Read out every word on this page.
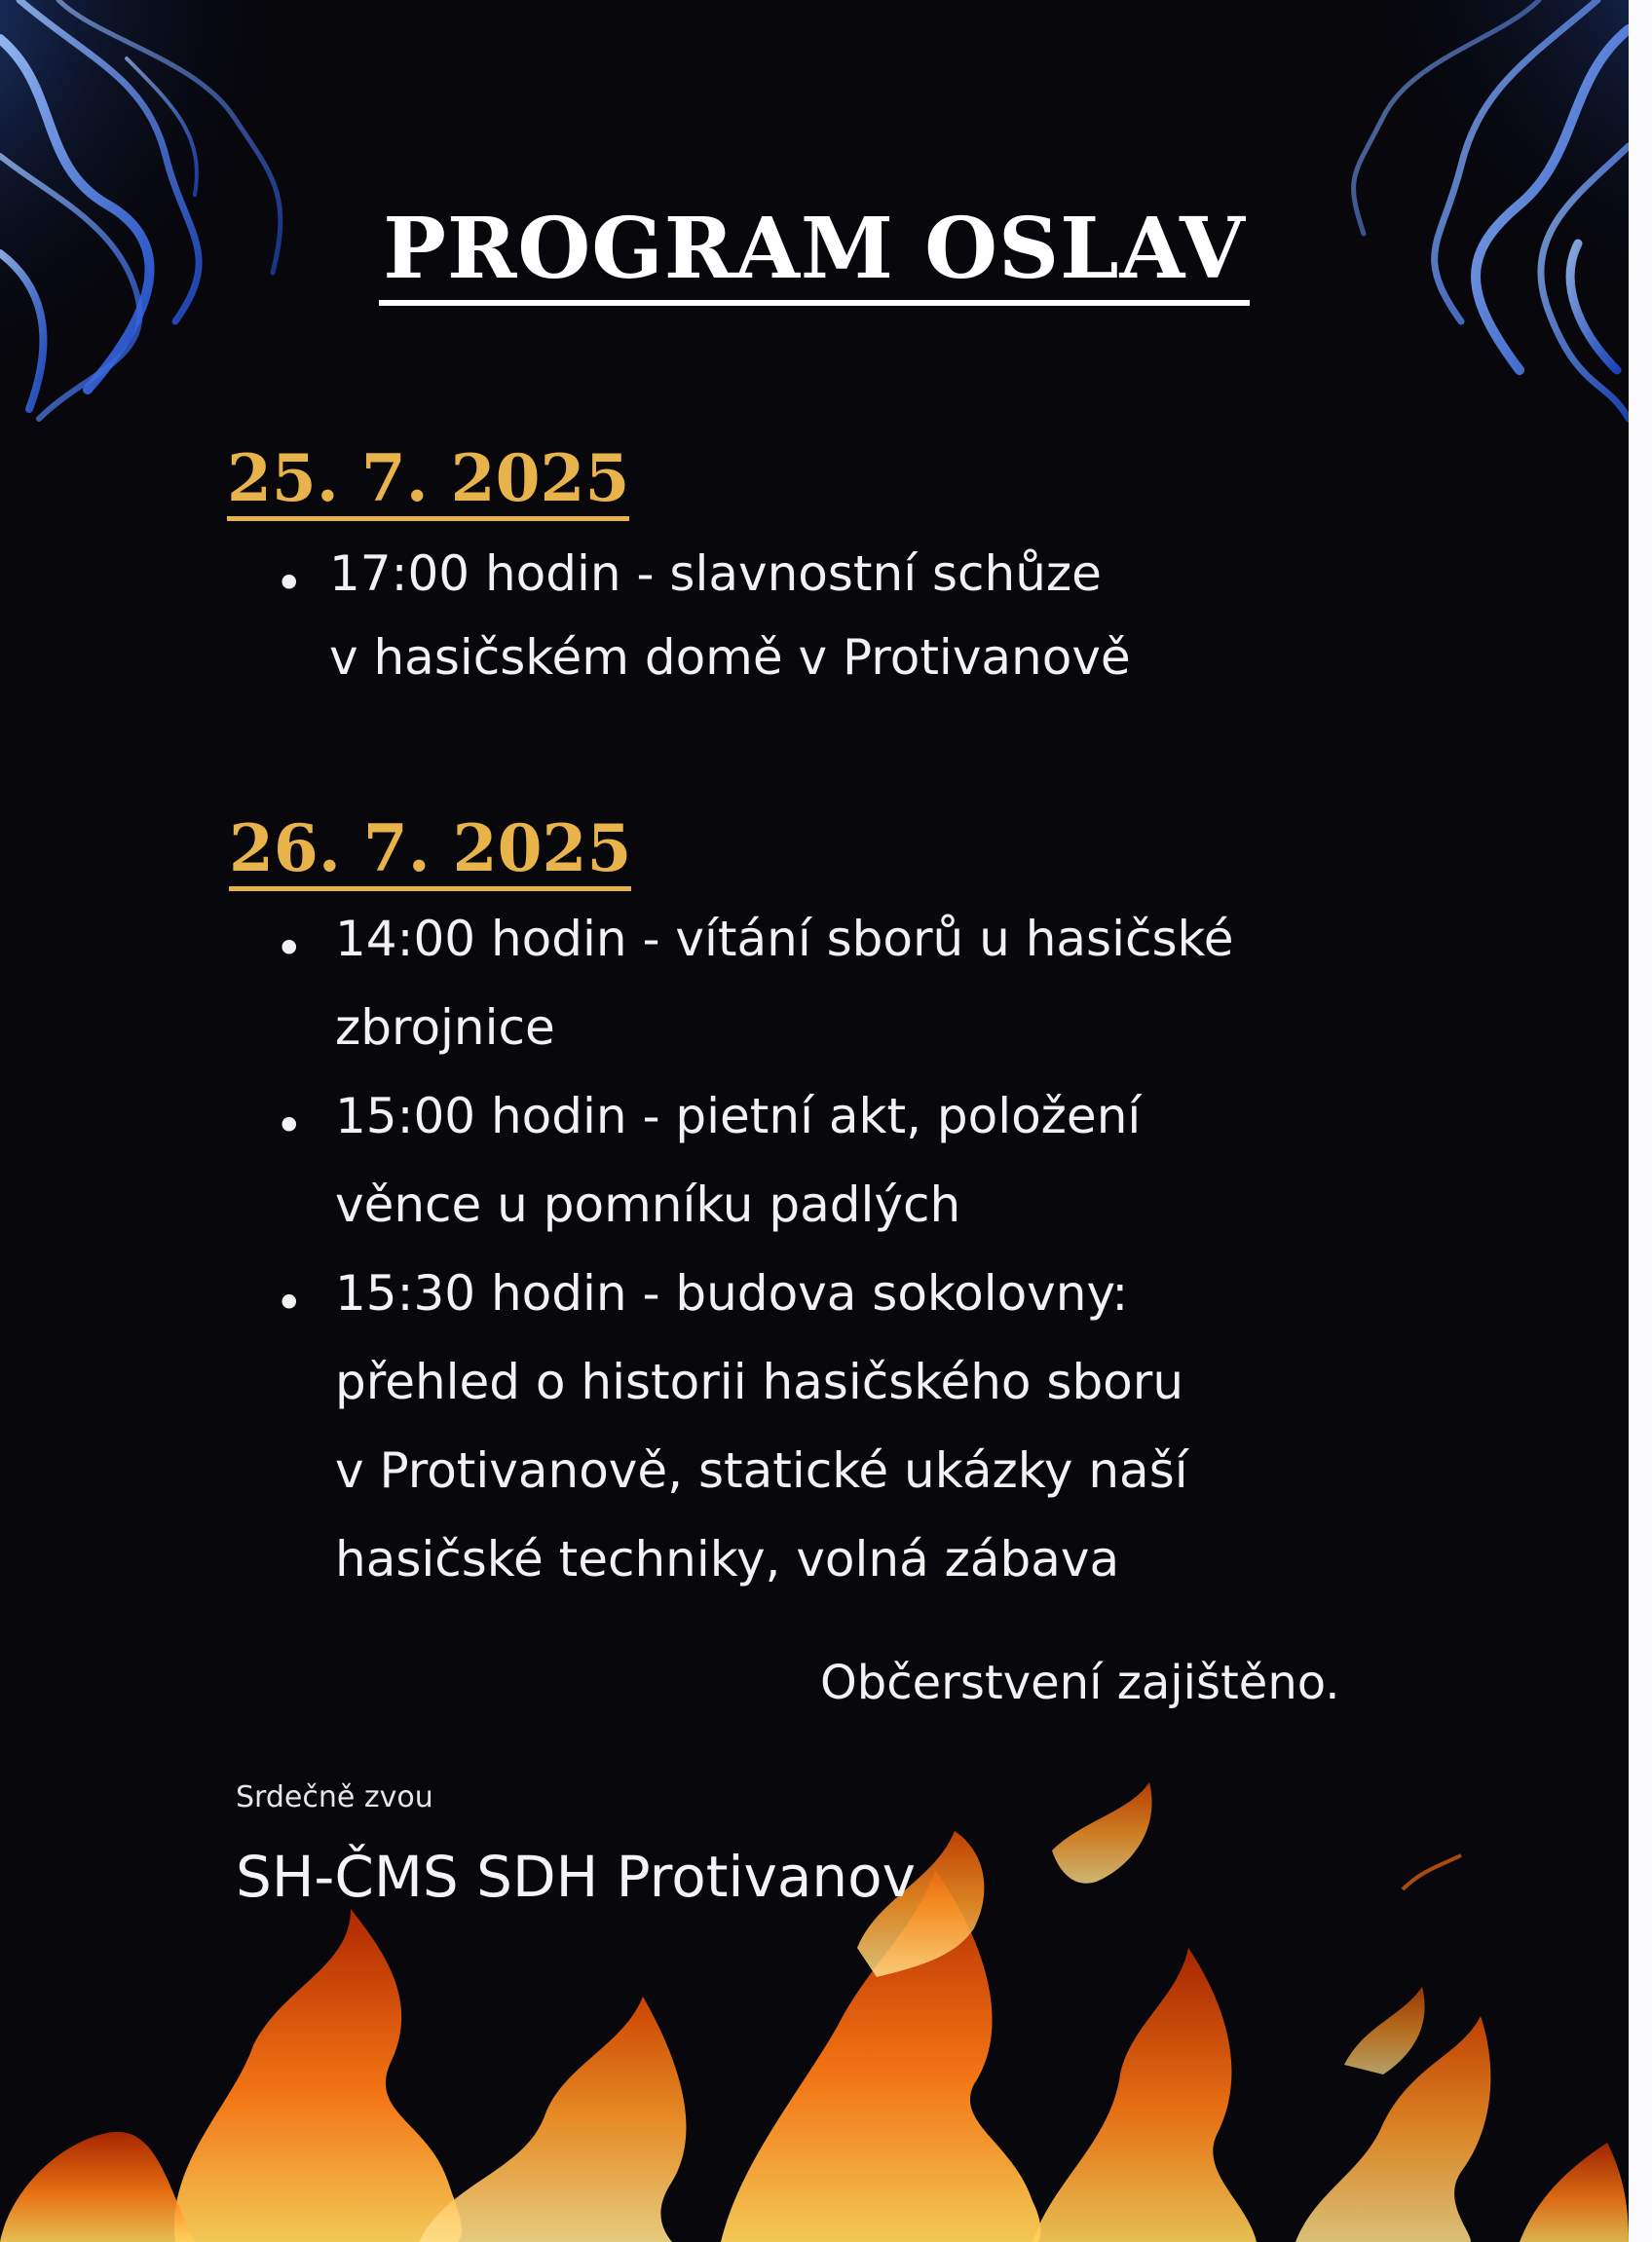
PROGRAM OSLAV
25. 7. 2025
• 17:00 hodin - slavnostní schůze
v hasičském domě v Protivanově
26. 7. 2025
• 14:00 hodin - vítání sborů u hasičské
zbrojnice
• 15:00 hodin - pietní akt, položení
věnce u pomníku padlých
• 15:30 hodin - budova sokolovny:
přehled o historii hasičského sboru
v Protivanově, statické ukázky naší
hasičské techniky, volná zábava

Občerstvení zajištěno.

Srdečně zvou

SH-ČMS SDH Protivanov
